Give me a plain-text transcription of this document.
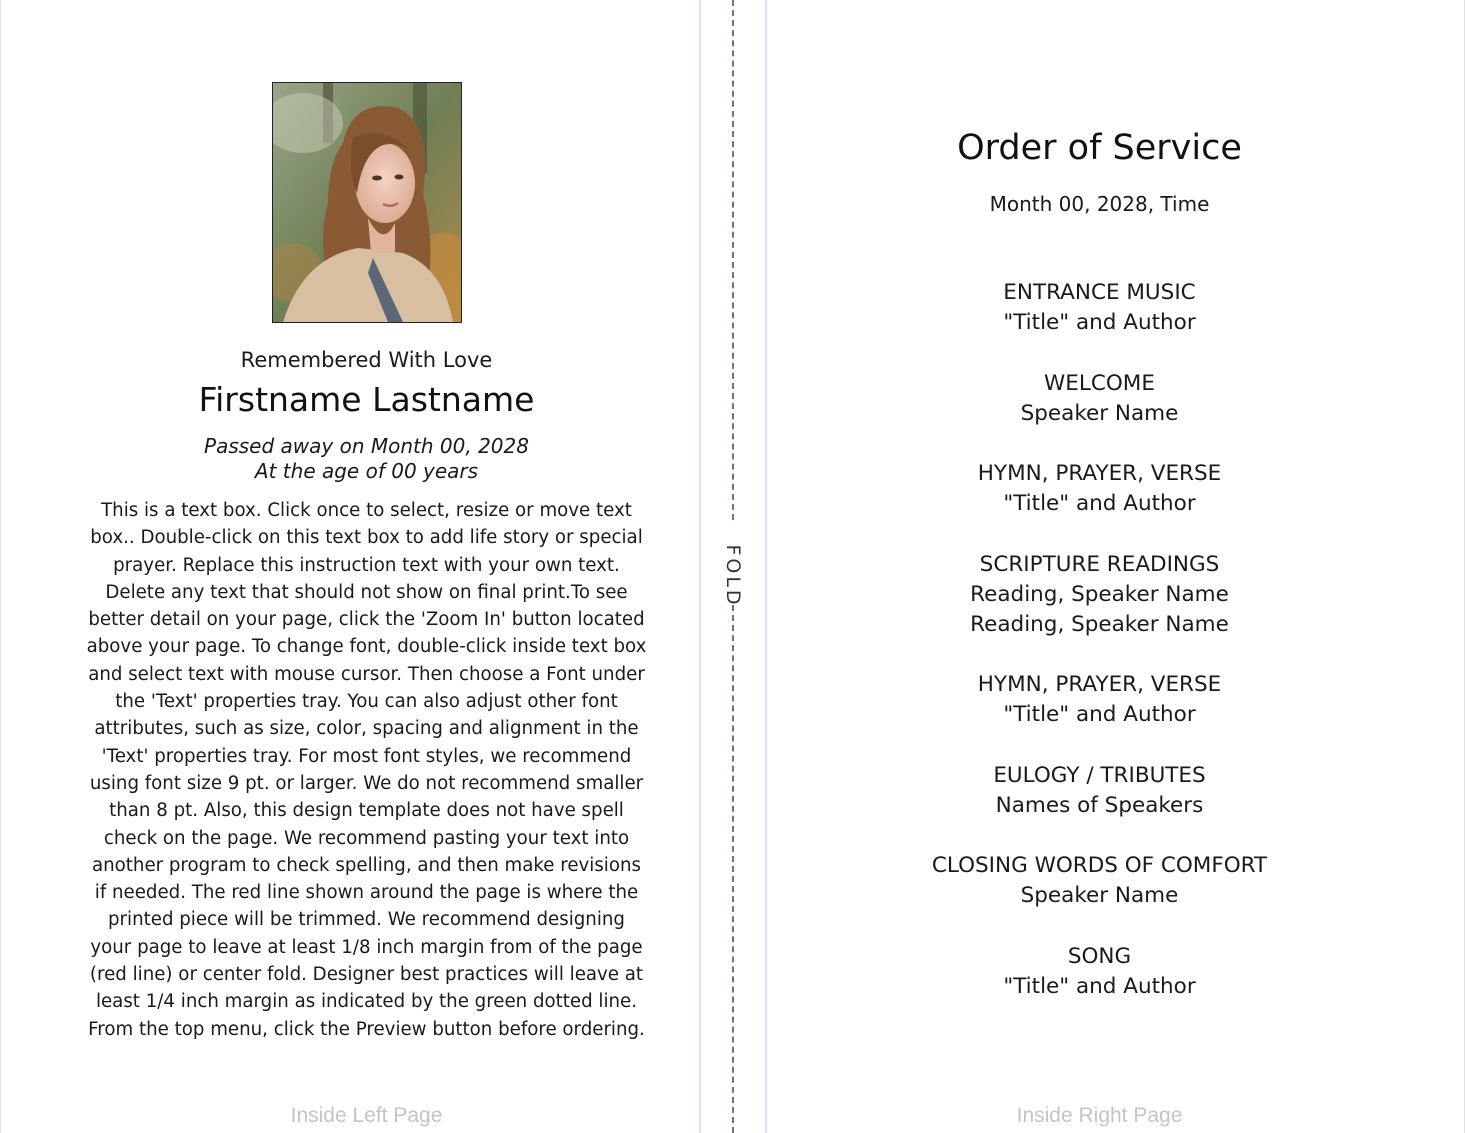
FOLD
Remembered With Love
Firstname Lastname
Passed away on Month 00, 2028
At the age of 00 years
This is a text box. Click once to select, resize or move text box.. Double-click on this text box to add life story or special prayer. Replace this instruction text with your own text. Delete any text that should not show on final print.To see better detail on your page, click the 'Zoom In' button located above your page. To change font, double-click inside text box and select text with mouse cursor. Then choose a Font under the 'Text' properties tray. You can also adjust other font attributes, such as size, color, spacing and alignment in the 'Text' properties tray. For most font styles, we recommend using font size 9 pt. or larger. We do not recommend smaller than 8 pt. Also, this design template does not have spell check on the page. We recommend pasting your text into another program to check spelling, and then make revisions if needed. The red line shown around the page is where the printed piece will be trimmed. We recommend designing your page to leave at least 1/8 inch margin from of the page (red line) or center fold. Designer best practices will leave at least 1/4 inch margin as indicated by the green dotted line. From the top menu, click the Preview button before ordering.
Inside Left Page
Order of Service
Month 00, 2028, Time
ENTRANCE MUSIC
"Title" and Author
WELCOME
Speaker Name
HYMN, PRAYER, VERSE
"Title" and Author
SCRIPTURE READINGS
Reading, Speaker Name
Reading, Speaker Name
HYMN, PRAYER, VERSE
"Title" and Author
EULOGY / TRIBUTES
Names of Speakers
CLOSING WORDS OF COMFORT
Speaker Name
SONG
"Title" and Author
Inside Right Page
